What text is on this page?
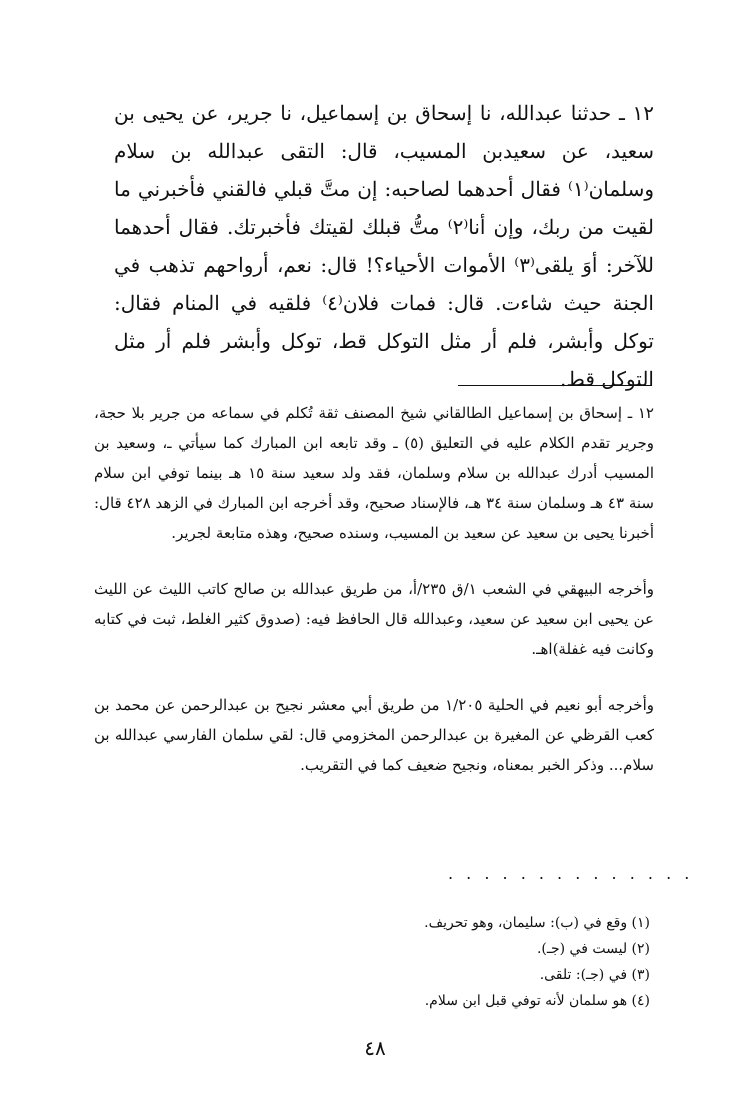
١٢ ـ حدثنا عبدالله، نا إسحاق بن إسماعيل، نا جرير، عن يحيى بن سعيد، عن سعيدبن المسيب، قال: التقى عبدالله بن سلام وسلمان⁽١⁾ فقال أحدهما لصاحبه: إن متَّ قبلي فالقني فأخبرني ما لقيت من ربك، وإن أنا⁽٢⁾ متُّ قبلك لقيتك فأخبرتك. فقال أحدهما للآخر: أوَ يلقى⁽٣⁾ الأموات الأحياء؟! قال: نعم، أرواحهم تذهب في الجنة حيث شاءت. قال: فمات فلان⁽٤⁾ فلقيه في المنام فقال: توكل وأبشر، فلم أر مثل التوكل قط، توكل وأبشر فلم أر مثل التوكل قط.

١٢ ـ إسحاق بن إسماعيل الطالقاني شيخ المصنف ثقة تُكلم في سماعه من جرير بلا حجة، وجرير تقدم الكلام عليه في التعليق (٥) ـ وقد تابعه ابن المبارك كما سيأتي ـ، وسعيد بن المسيب أدرك عبدالله بن سلام وسلمان، فقد ولد سعيد سنة ١٥ هـ بينما توفي ابن سلام سنة ٤٣ هـ وسلمان سنة ٣٤ هـ، فالإسناد صحيح، وقد أخرجه ابن المبارك في الزهد ٤٢٨ قال: أخبرنا يحيى بن سعيد عن سعيد بن المسيب، وسنده صحيح، وهذه متابعة لجرير.

وأخرجه البيهقي في الشعب ١/ق ٢٣٥/أ، من طريق عبدالله بن صالح كاتب الليث عن الليث عن يحيى ابن سعيد عن سعيد، وعبدالله قال الحافظ فيه: (صدوق كثير الغلط، ثبت في كتابه وكانت فيه غفلة)اهـ.

وأخرجه أبو نعيم في الحلية ١/٢٠٥ من طريق أبي معشر نجيح بن عبدالرحمن عن محمد بن كعب القرظي عن المغيرة بن عبدالرحمن المخزومي قال: لقي سلمان الفارسي عبدالله بن سلام... وذكر الخبر بمعناه، ونجيح ضعيف كما في التقريب.

. . . . . . . . . . . . . .
(١) وقع في (ب): سليمان، وهو تحريف.
(٢) ليست في (جـ).
(٣) في (جـ): تلقى.
(٤) هو سلمان لأنه توفي قبل ابن سلام.
٤٨
